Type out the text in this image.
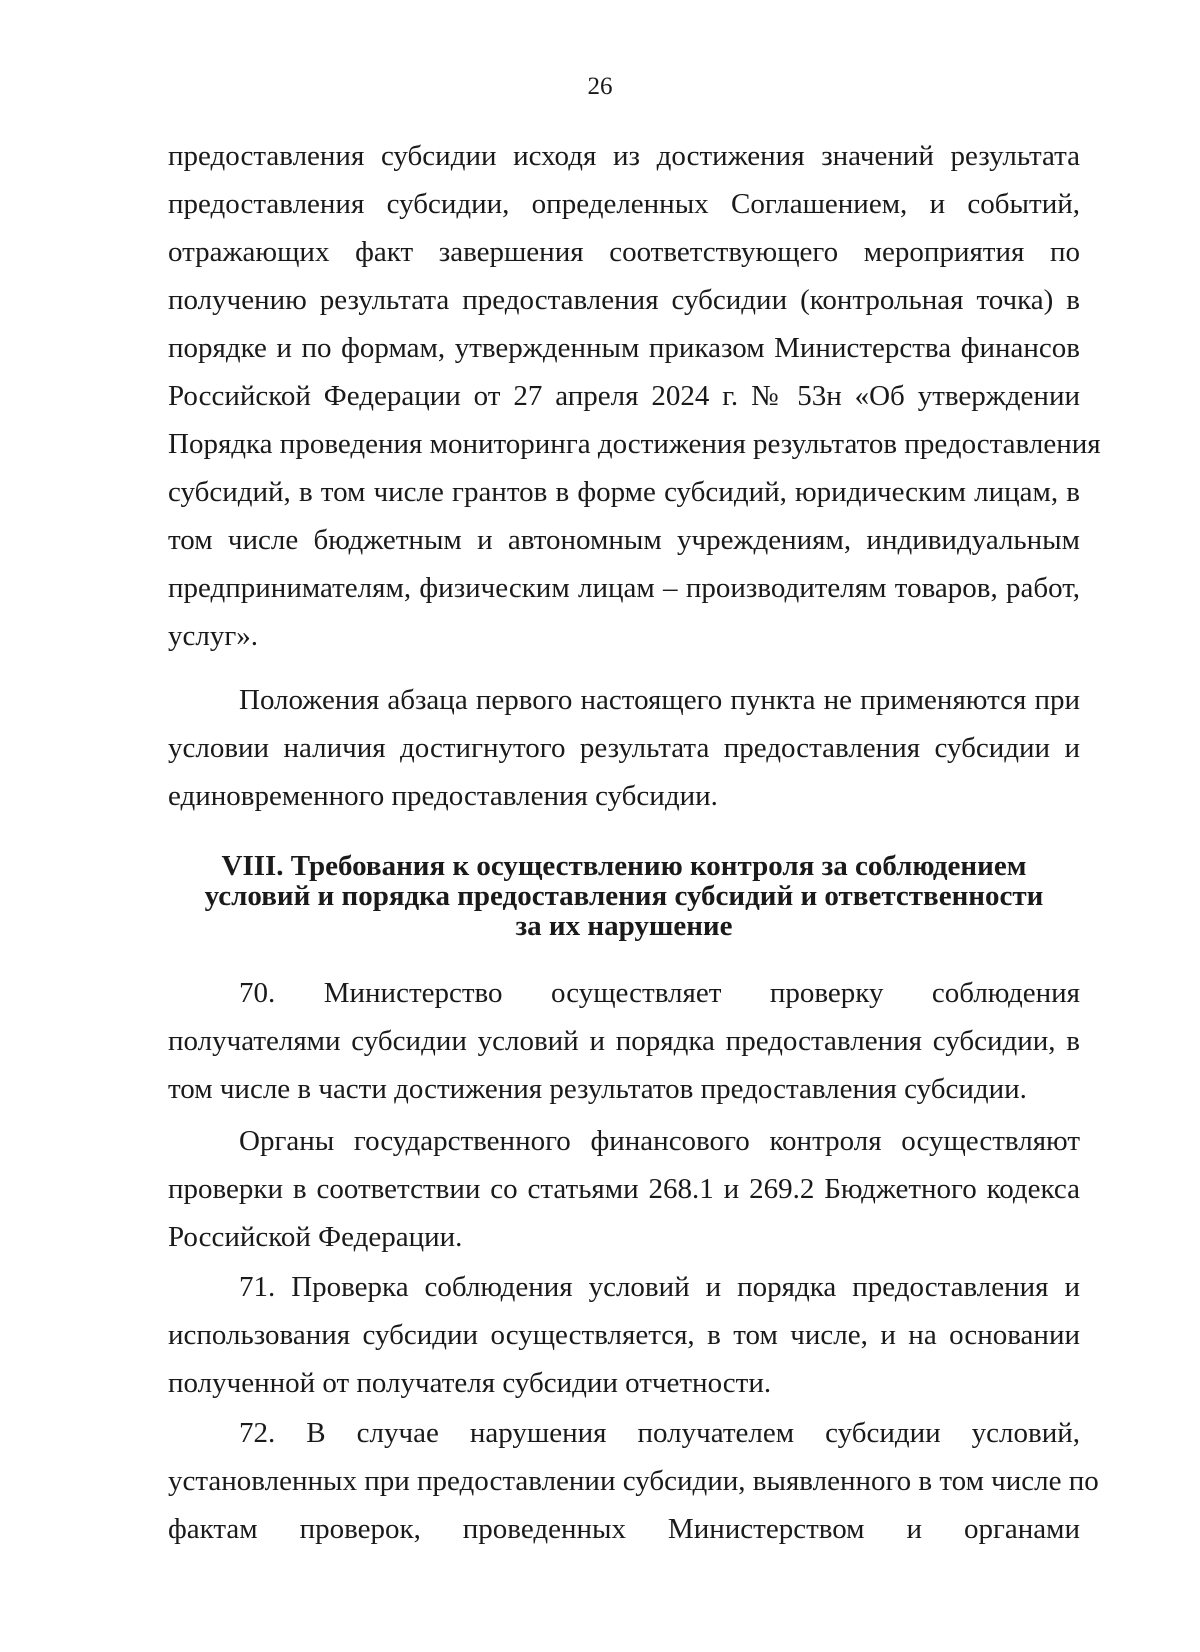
26
предоставления субсидии исходя из достижения значений результата
предоставления субсидии, определенных Соглашением, и событий,
отражающих факт завершения соответствующего мероприятия по
получению результата предоставления субсидии (контрольная точка) в
порядке и по формам, утвержденным приказом Министерства финансов
Российской Федерации от 27 апреля 2024 г. № 53н «Об утверждении
Порядка проведения мониторинга достижения результатов предоставления
субсидий, в том числе грантов в форме субсидий, юридическим лицам, в
том числе бюджетным и автономным учреждениям, индивидуальным
предпринимателям, физическим лицам – производителям товаров, работ,
услуг».
Положения абзаца первого настоящего пункта не применяются при
условии наличия достигнутого результата предоставления субсидии и
единовременного предоставления субсидии.
VIII. Требования к осуществлению контроля за соблюдением
условий и порядка предоставления субсидий и ответственности
за их нарушение
70. Министерство осуществляет проверку соблюдения
получателями субсидии условий и порядка предоставления субсидии, в
том числе в части достижения результатов предоставления субсидии.
Органы государственного финансового контроля осуществляют
проверки в соответствии со статьями 268.1 и 269.2 Бюджетного кодекса
Российской Федерации.
71. Проверка соблюдения условий и порядка предоставления и
использования субсидии осуществляется, в том числе, и на основании
полученной от получателя субсидии отчетности.
72. В случае нарушения получателем субсидии условий,
установленных при предоставлении субсидии, выявленного в том числе по
фактам проверок, проведенных Министерством и органами
